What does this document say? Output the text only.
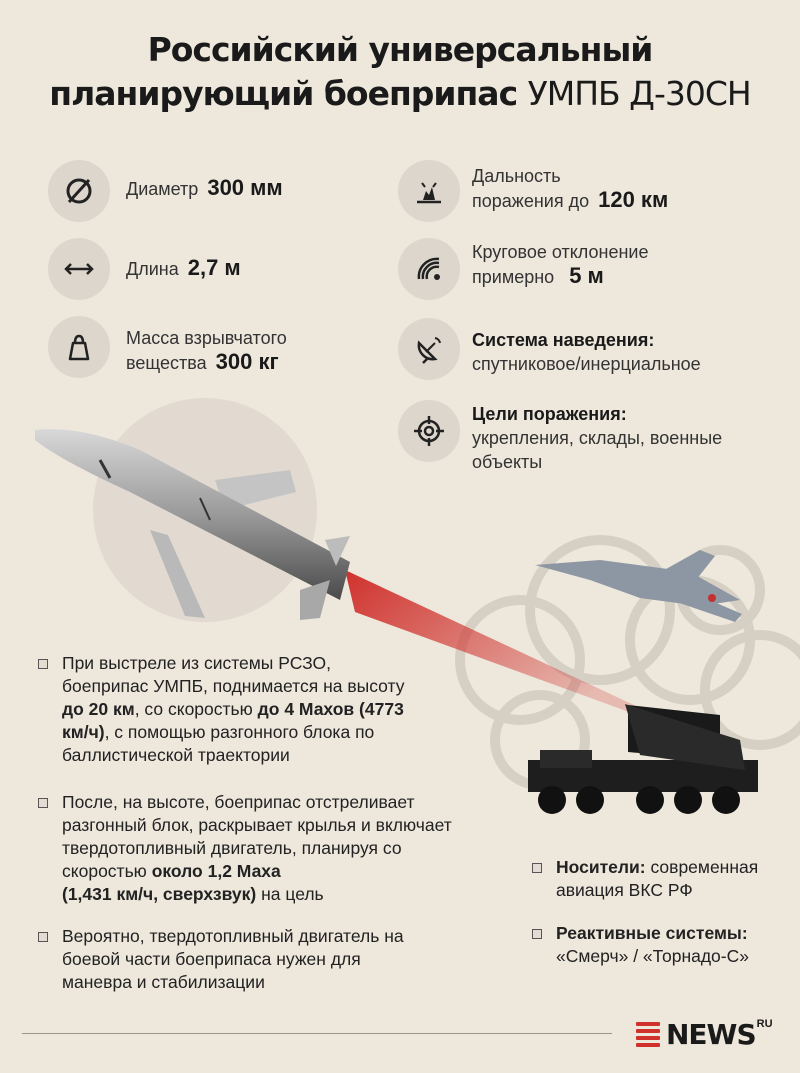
Российский универсальный
планирующий боеприпас УМПБ Д-30СН
Диаметр 300 мм
Длина 2,7 м
Масса взрывчатого
вещества 300 кг
Дальность
поражения до 120 км
Круговое отклонение
примерно 5 м
Система наведения:
спутниковое/инерциальное
Цели поражения:
укрепления, склады, военные
объекты
При выстреле из системы РСЗО,
боеприпас УМПБ, поднимается на высоту
до 20 км, со скоростью до 4 Махов (4773
км/ч), с помощью разгонного блока по
баллистической траектории
После, на высоте, боеприпас отстреливает
разгонный блок, раскрывает крылья и включает
твердотопливный двигатель, планируя со
скоростью около 1,2 Маха
(1,431 км/ч, сверхзвук) на цель
Вероятно, твердотопливный двигатель на
боевой части боеприпаса нужен для
маневра и стабилизации
Носители: современная
авиация ВКС РФ
Реактивные системы:
«Смерч» / «Торнадо-С»
NEWS RU
